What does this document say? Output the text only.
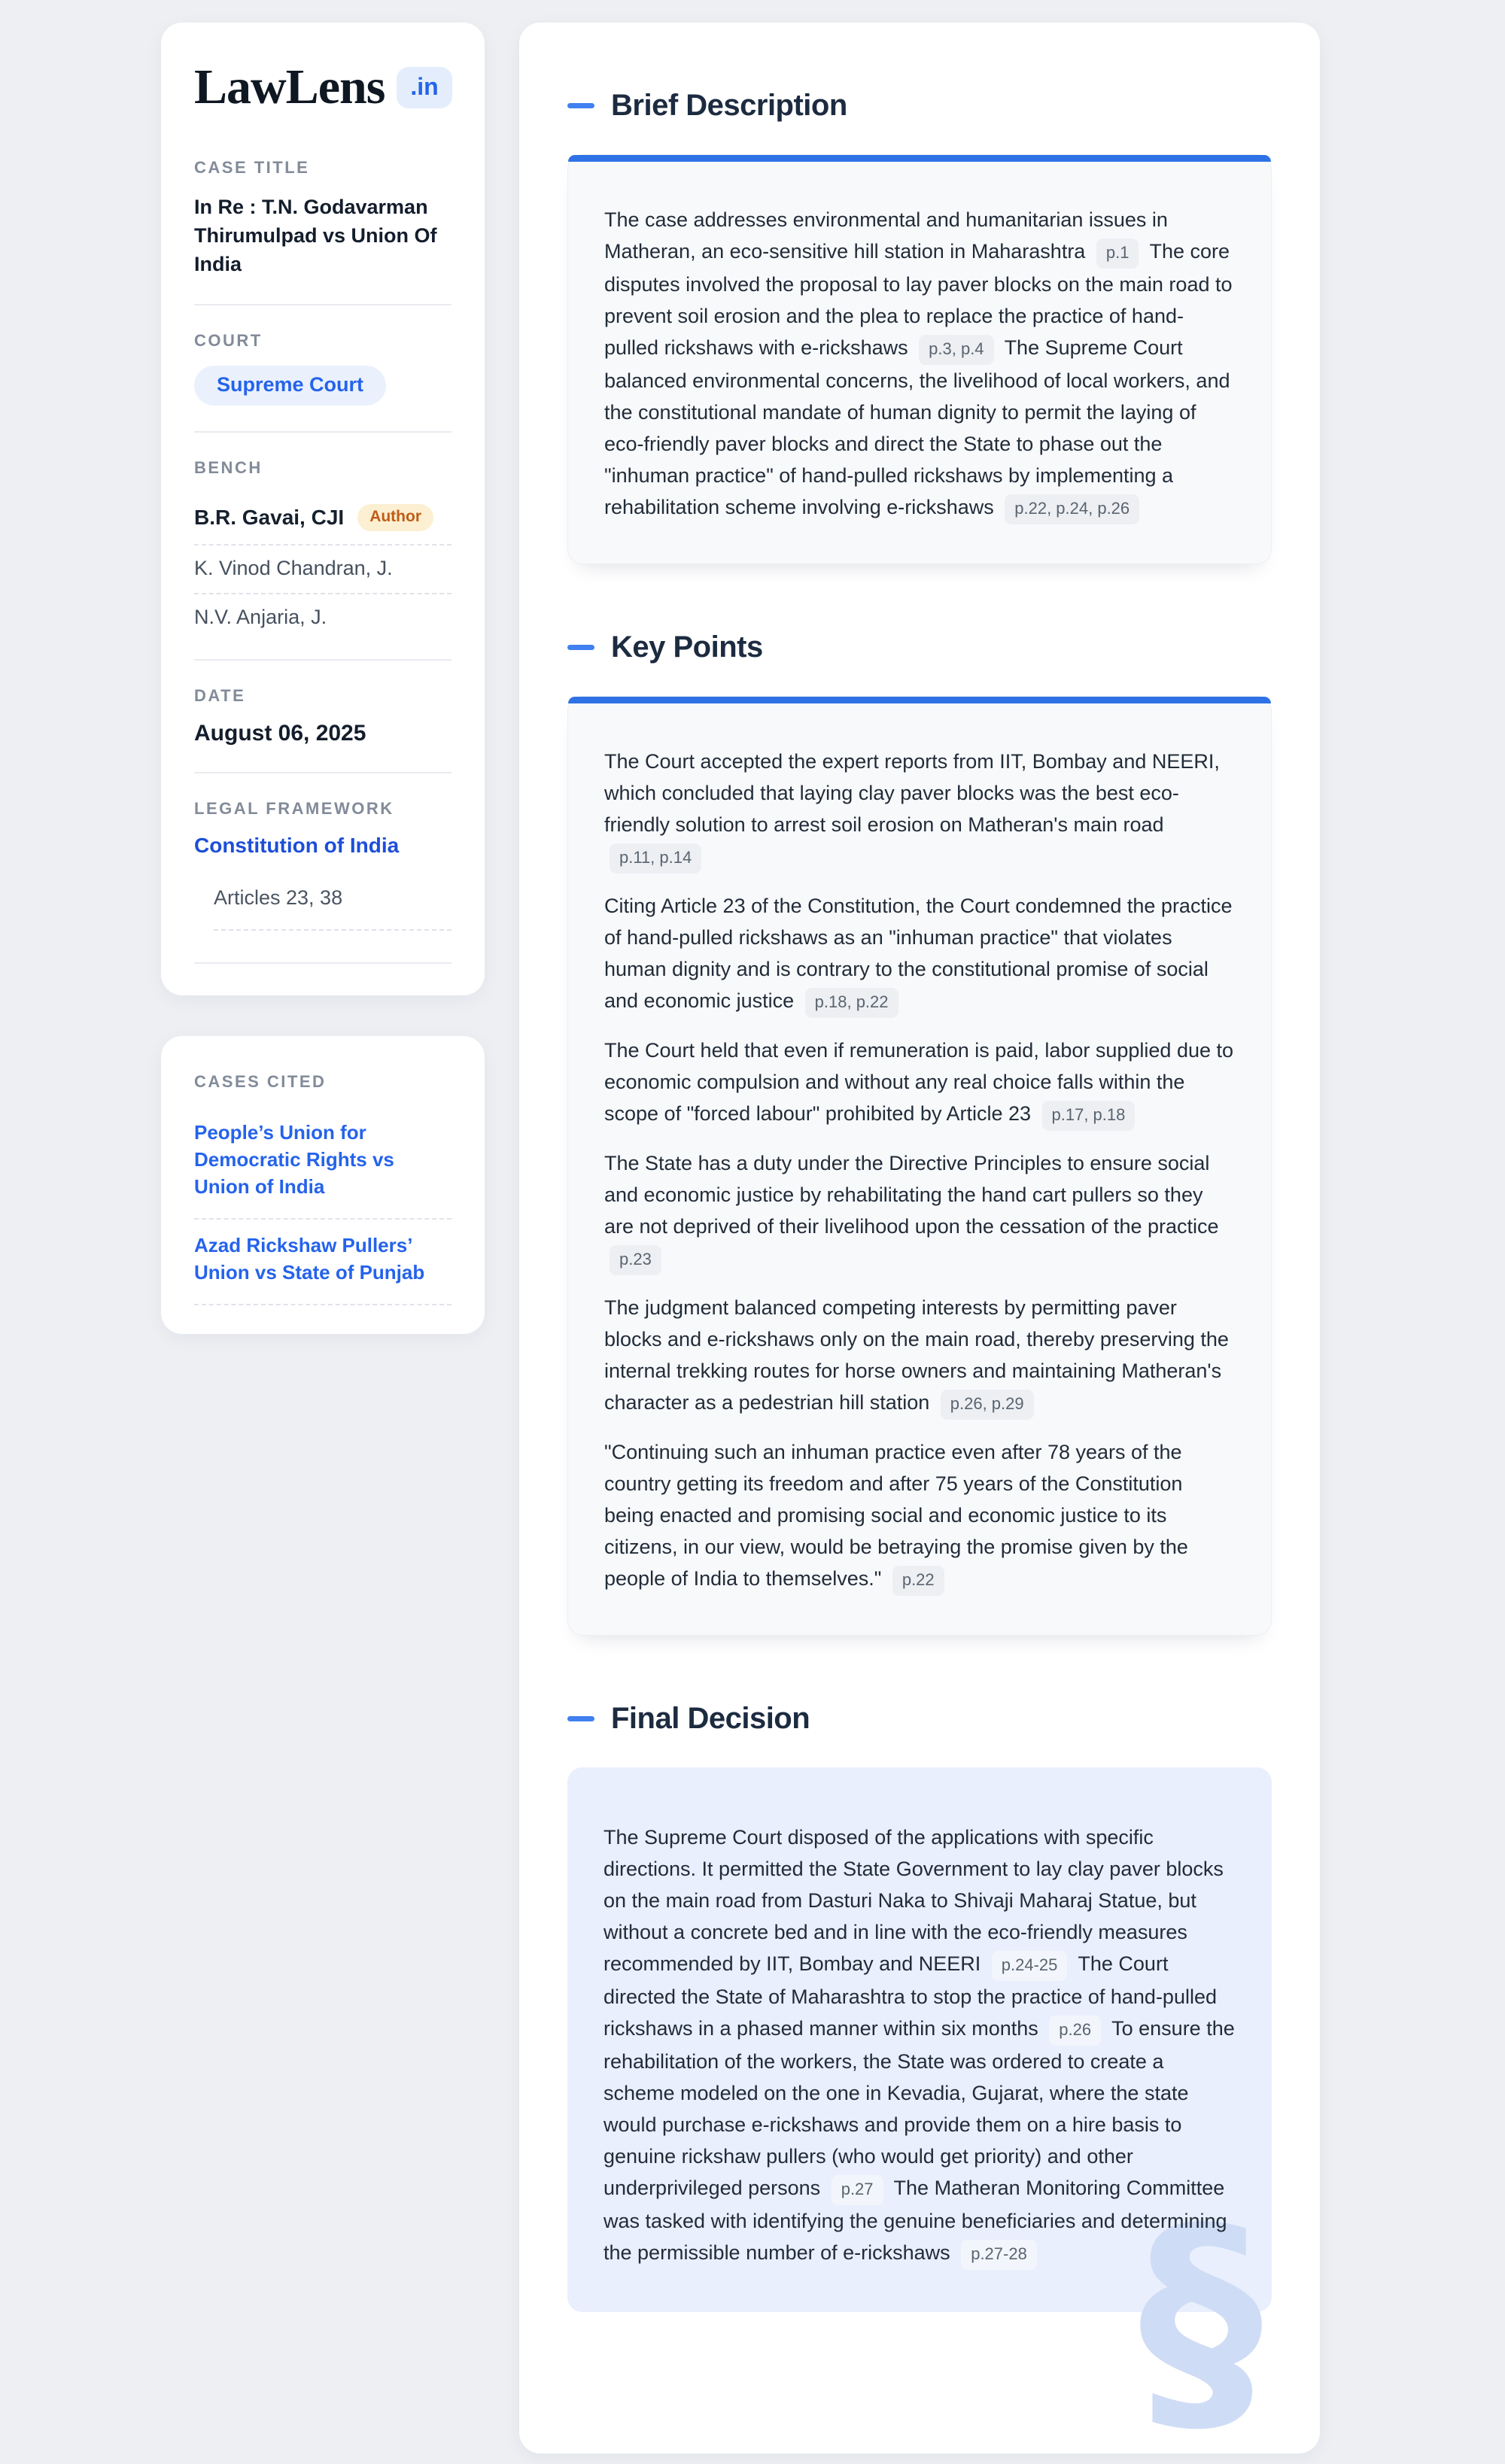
LawLens	.in
CASE TITLE
In Re : T.N. Godavarman Thirumulpad vs Union Of India
COURT
Supreme Court
BENCH
B.R. Gavai, CJI	Author
K. Vinod Chandran, J.
N.V. Anjaria, J.
DATE
August 06, 2025
LEGAL FRAMEWORK
Constitution of India
Articles 23, 38
CASES CITED
People’s Union for Democratic Rights vs Union of India
Azad Rickshaw Pullers’ Union vs State of Punjab
Brief Description

The case addresses environmental and humanitarian issues in Matheran, an eco-sensitive hill station in Maharashtra p.1 The core disputes involved the proposal to lay paver blocks on the main road to prevent soil erosion and the plea to replace the practice of hand-pulled rickshaws with e-rickshaws p.3, p.4 The Supreme Court balanced environmental concerns, the livelihood of local workers, and the constitutional mandate of human dignity to permit the laying of eco-friendly paver blocks and direct the State to phase out the "inhuman practice" of hand-pulled rickshaws by implementing a rehabilitation scheme involving e-rickshaws p.22, p.24, p.26

Key Points

The Court accepted the expert reports from IIT, Bombay and NEERI, which concluded that laying clay paver blocks was the best eco-friendly solution to arrest soil erosion on Matheran's main road p.11, p.14

Citing Article 23 of the Constitution, the Court condemned the practice of hand-pulled rickshaws as an "inhuman practice" that violates human dignity and is contrary to the constitutional promise of social and economic justice p.18, p.22

The Court held that even if remuneration is paid, labor supplied due to economic compulsion and without any real choice falls within the scope of "forced labour" prohibited by Article 23 p.17, p.18

The State has a duty under the Directive Principles to ensure social and economic justice by rehabilitating the hand cart pullers so they are not deprived of their livelihood upon the cessation of the practice p.23

The judgment balanced competing interests by permitting paver blocks and e-rickshaws only on the main road, thereby preserving the internal trekking routes for horse owners and maintaining Matheran's character as a pedestrian hill station p.26, p.29

"Continuing such an inhuman practice even after 78 years of the country getting its freedom and after 75 years of the Constitution being enacted and promising social and economic justice to its citizens, in our view, would be betraying the promise given by the people of India to themselves." p.22

Final Decision
§

The Supreme Court disposed of the applications with specific directions. It permitted the State Government to lay clay paver blocks on the main road from Dasturi Naka to Shivaji Maharaj Statue, but without a concrete bed and in line with the eco-friendly measures recommended by IIT, Bombay and NEERI p.24-25 The Court directed the State of Maharashtra to stop the practice of hand-pulled rickshaws in a phased manner within six months p.26 To ensure the rehabilitation of the workers, the State was ordered to create a scheme modeled on the one in Kevadia, Gujarat, where the state would purchase e-rickshaws and provide them on a hire basis to genuine rickshaw pullers (who would get priority) and other underprivileged persons p.27 The Matheran Monitoring Committee was tasked with identifying the genuine beneficiaries and determining the permissible number of e-rickshaws p.27-28
